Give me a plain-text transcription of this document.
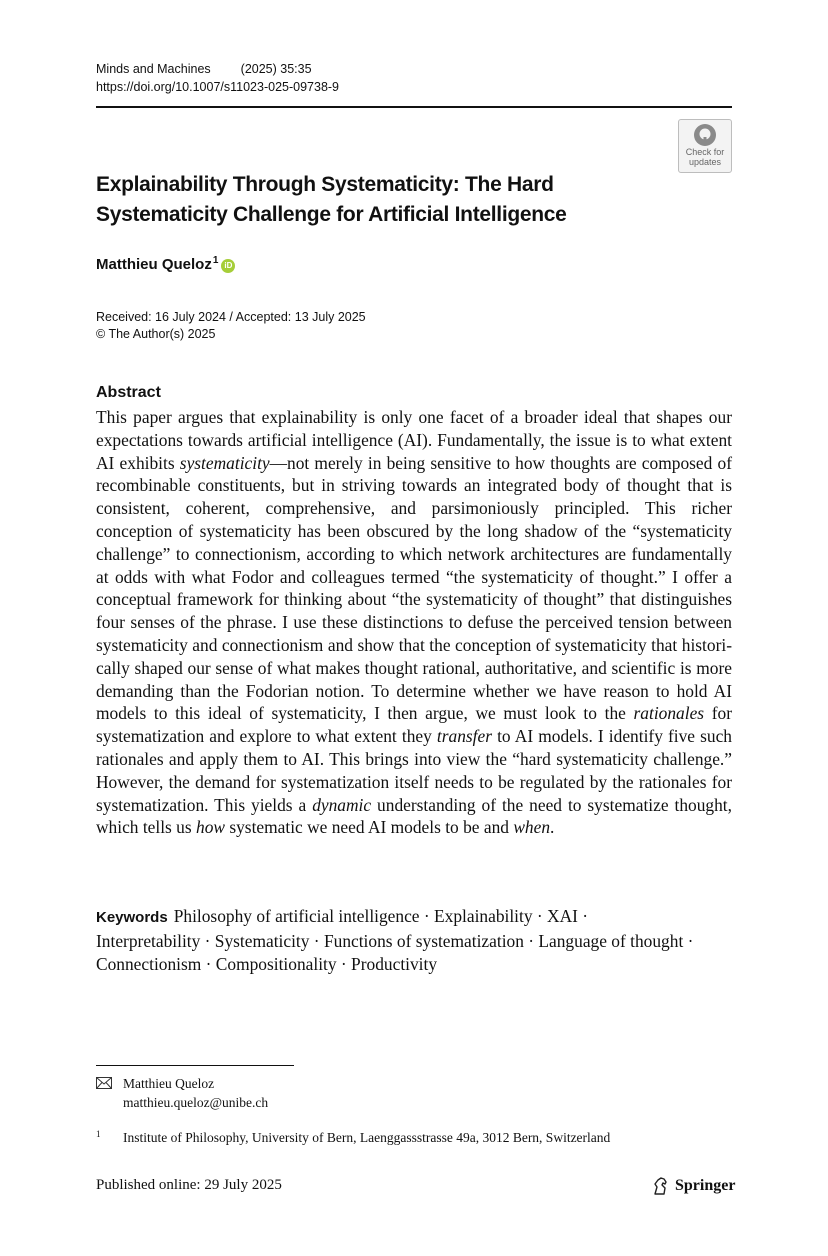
Minds and Machines (2025) 35:35
https://doi.org/10.1007/s11023-025-09738-9
Check for
updates
Explainability Through Systematicity: The Hard
Systematicity Challenge for Artificial Intelligence
Matthieu Queloz$^1$ iD
Received: 16 July 2024 / Accepted: 13 July 2025
© The Author(s) 2025
Abstract
This paper argues that explainability is only one facet of a broader ideal that shapes our expectations towards artificial intelligence (AI). Fundamentally, the issue is to what extent AI exhibits systematicity—not merely in being sensitive to how thoughts are composed of recombinable constituents, but in striving towards an integrated body of thought that is consistent, coherent, comprehensive, and parsimoniously principled. This richer conception of systematicity has been obscured by the long shadow of the “systematicity challenge” to connectionism, according to which network architectures are fundamentally at odds with what Fodor and colleagues termed “the systematicity of thought.” I offer a conceptual framework for thinking about “the systematicity of thought” that distinguishes four senses of the phrase. I use these distinctions to defuse the perceived tension between systematicity and connectionism and show that the conception of systematicity that historically shaped our sense of what makes thought rational, authoritative, and scientific is more demanding than the Fodorian notion. To determine whether we have reason to hold AI models to this ideal of systematicity, I then argue, we must look to the rationales for systematization and explore to what extent they transfer to AI models. I identify five such rationales and apply them to AI. This brings into view the “hard systematicity challenge.” However, the demand for systematization itself needs to be regulated by the rationales for systematization. This yields a dynamic understanding of the need to systematize thought, which tells us how systematic we need AI models to be and when.
Keywords Philosophy of artificial intelligence · Explainability · XAI · Interpretability · Systematicity · Functions of systematization · Language of thought · Connectionism · Compositionality · Productivity
Matthieu Queloz
matthieu.queloz@unibe.ch
1 Institute of Philosophy, University of Bern, Laenggassstrasse 49a, 3012 Bern, Switzerland
Published online: 29 July 2025	Springer
